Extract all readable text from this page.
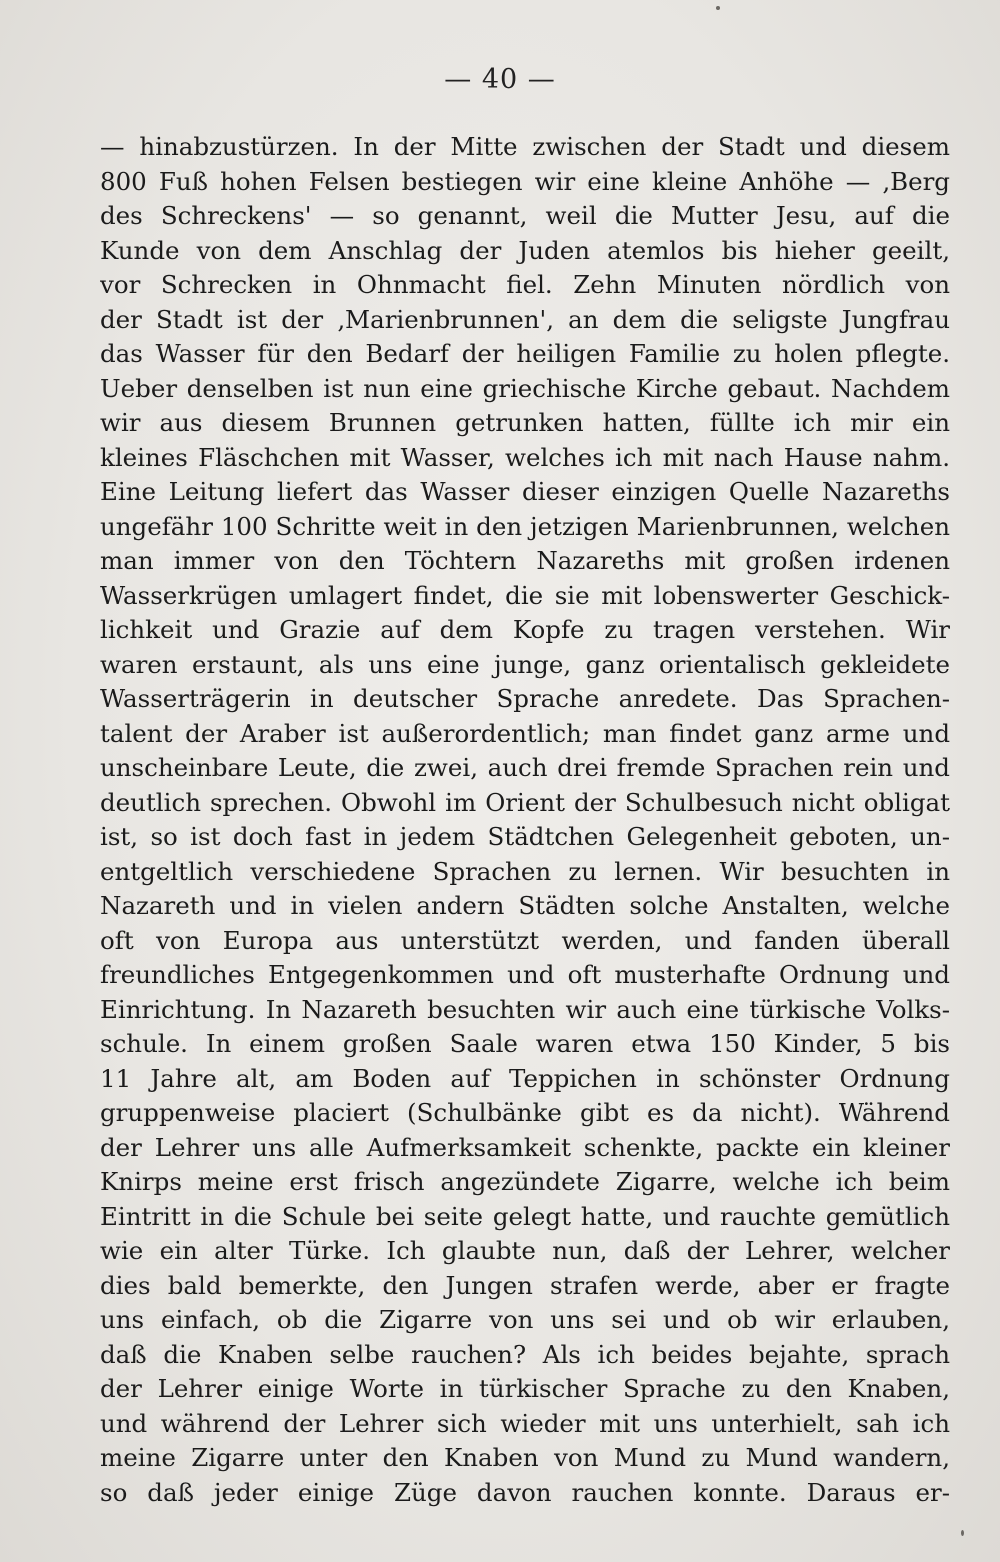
— 40 —
— hinabzustürzen. In der Mitte zwischen der Stadt und diesem
800 Fuß hohen Felsen bestiegen wir eine kleine Anhöhe — ‚Berg
des Schreckens' — so genannt, weil die Mutter Jesu, auf die
Kunde von dem Anschlag der Juden atemlos bis hieher geeilt,
vor Schrecken in Ohnmacht fiel. Zehn Minuten nördlich von
der Stadt ist der ‚Marienbrunnen', an dem die seligste Jungfrau
das Wasser für den Bedarf der heiligen Familie zu holen pflegte.
Ueber denselben ist nun eine griechische Kirche gebaut. Nachdem
wir aus diesem Brunnen getrunken hatten, füllte ich mir ein
kleines Fläschchen mit Wasser, welches ich mit nach Hause nahm.
Eine Leitung liefert das Wasser dieser einzigen Quelle Nazareths
ungefähr 100 Schritte weit in den jetzigen Marienbrunnen, welchen
man immer von den Töchtern Nazareths mit großen irdenen
Wasserkrügen umlagert findet, die sie mit lobenswerter Geschick-
lichkeit und Grazie auf dem Kopfe zu tragen verstehen. Wir
waren erstaunt, als uns eine junge, ganz orientalisch gekleidete
Wasserträgerin in deutscher Sprache anredete. Das Sprachen-
talent der Araber ist außerordentlich; man findet ganz arme und
unscheinbare Leute, die zwei, auch drei fremde Sprachen rein und
deutlich sprechen. Obwohl im Orient der Schulbesuch nicht obligat
ist, so ist doch fast in jedem Städtchen Gelegenheit geboten, un-
entgeltlich verschiedene Sprachen zu lernen. Wir besuchten in
Nazareth und in vielen andern Städten solche Anstalten, welche
oft von Europa aus unterstützt werden, und fanden überall
freundliches Entgegenkommen und oft musterhafte Ordnung und
Einrichtung. In Nazareth besuchten wir auch eine türkische Volks-
schule. In einem großen Saale waren etwa 150 Kinder, 5 bis
11 Jahre alt, am Boden auf Teppichen in schönster Ordnung
gruppenweise placiert (Schulbänke gibt es da nicht). Während
der Lehrer uns alle Aufmerksamkeit schenkte, packte ein kleiner
Knirps meine erst frisch angezündete Zigarre, welche ich beim
Eintritt in die Schule bei seite gelegt hatte, und rauchte gemütlich
wie ein alter Türke. Ich glaubte nun, daß der Lehrer, welcher
dies bald bemerkte, den Jungen strafen werde, aber er fragte
uns einfach, ob die Zigarre von uns sei und ob wir erlauben,
daß die Knaben selbe rauchen? Als ich beides bejahte, sprach
der Lehrer einige Worte in türkischer Sprache zu den Knaben,
und während der Lehrer sich wieder mit uns unterhielt, sah ich
meine Zigarre unter den Knaben von Mund zu Mund wandern,
so daß jeder einige Züge davon rauchen konnte. Daraus er-
